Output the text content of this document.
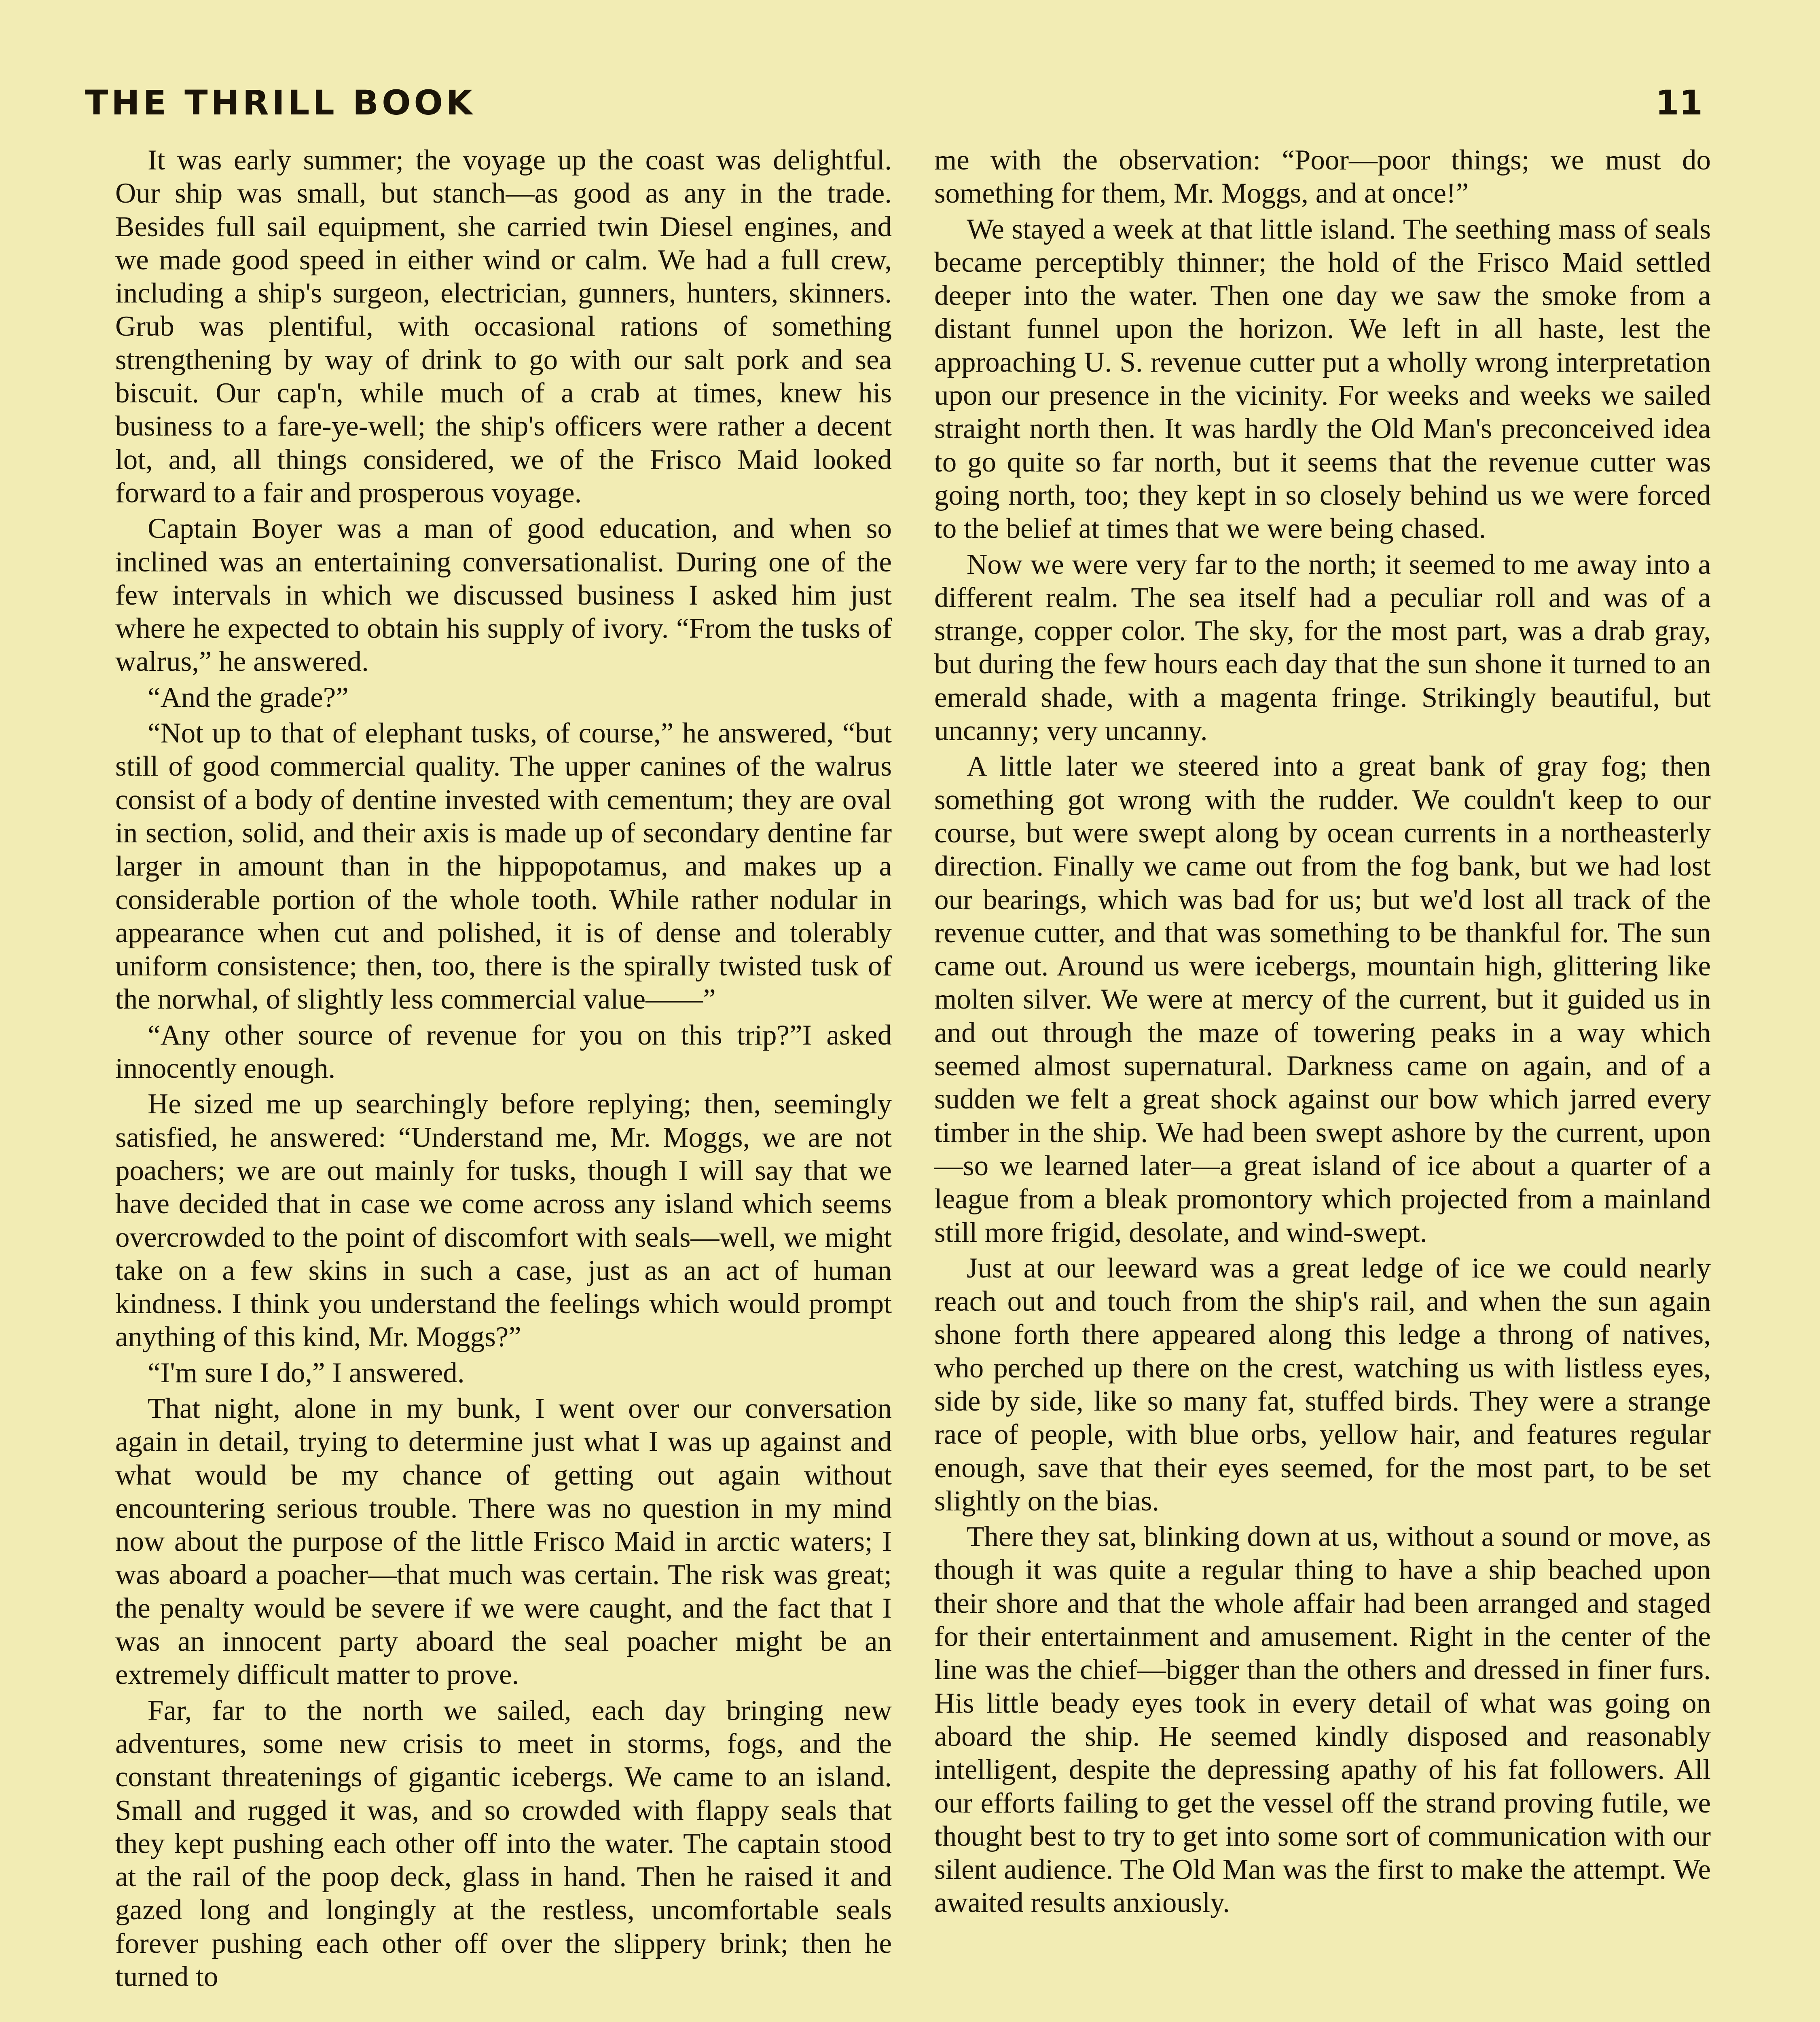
THE THRILL BOOK	11

It was early summer; the voyage up the coast was delightful. Our ship was small, but stanch—as good as any in the trade. Besides full sail equipment, she carried twin Diesel engines, and we made good speed in either wind or calm. We had a full crew, including a ship's surgeon, electrician, gunners, hunters, skinners. Grub was plentiful, with occasional rations of something strengthening by way of drink to go with our salt pork and sea biscuit. Our cap'n, while much of a crab at times, knew his business to a fare-ye-well; the ship's officers were rather a decent lot, and, all things considered, we of the Frisco Maid looked forward to a fair and prosperous voyage.

Captain Boyer was a man of good education, and when so inclined was an entertaining conversationalist. During one of the few intervals in which we discussed business I asked him just where he expected to obtain his supply of ivory. “From the tusks of walrus,” he answered.

“And the grade?”

“Not up to that of elephant tusks, of course,” he answered, “but still of good commercial quality. The upper canines of the walrus consist of a body of dentine invested with cementum; they are oval in section, solid, and their axis is made up of secondary dentine far larger in amount than in the hippopotamus, and makes up a considerable portion of the whole tooth. While rather nodular in appearance when cut and polished, it is of dense and tolerably uniform consistence; then, too, there is the spirally twisted tusk of the norwhal, of slightly less commercial value——”

“Any other source of revenue for you on this trip?”I asked innocently enough.

He sized me up searchingly before replying; then, seemingly satisfied, he answered: “Understand me, Mr. Moggs, we are not poachers; we are out mainly for tusks, though I will say that we have decided that in case we come across any island which seems overcrowded to the point of discomfort with seals—well, we might take on a few skins in such a case, just as an act of human kindness. I think you understand the feelings which would prompt anything of this kind, Mr. Moggs?”

“I'm sure I do,” I answered.

That night, alone in my bunk, I went over our conversation again in detail, trying to determine just what I was up against and what would be my chance of getting out again without encountering serious trouble. There was no question in my mind now about the purpose of the little Frisco Maid in arctic waters; I was aboard a poacher—that much was certain. The risk was great; the penalty would be severe if we were caught, and the fact that I was an innocent party aboard the seal poacher might be an extremely difficult matter to prove.

Far, far to the north we sailed, each day bringing new adventures, some new crisis to meet in storms, fogs, and the constant threatenings of gigantic icebergs. We came to an island. Small and rugged it was, and so crowded with flappy seals that they kept pushing each other off into the water. The captain stood at the rail of the poop deck, glass in hand. Then he raised it and gazed long and longingly at the restless, uncomfortable seals forever pushing each other off over the slippery brink; then he turned to

me with the observation: “Poor—poor things; we must do something for them, Mr. Moggs, and at once!”

We stayed a week at that little island. The seething mass of seals became perceptibly thinner; the hold of the Frisco Maid settled deeper into the water. Then one day we saw the smoke from a distant funnel upon the horizon. We left in all haste, lest the approaching U. S. revenue cutter put a wholly wrong interpretation upon our presence in the vicinity. For weeks and weeks we sailed straight north then. It was hardly the Old Man's preconceived idea to go quite so far north, but it seems that the revenue cutter was going north, too; they kept in so closely behind us we were forced to the belief at times that we were being chased.

Now we were very far to the north; it seemed to me away into a different realm. The sea itself had a peculiar roll and was of a strange, copper color. The sky, for the most part, was a drab gray, but during the few hours each day that the sun shone it turned to an emerald shade, with a magenta fringe. Strikingly beautiful, but uncanny; very uncanny.

A little later we steered into a great bank of gray fog; then something got wrong with the rudder. We couldn't keep to our course, but were swept along by ocean currents in a northeasterly direction. Finally we came out from the fog bank, but we had lost our bearings, which was bad for us; but we'd lost all track of the revenue cutter, and that was something to be thankful for. The sun came out. Around us were icebergs, mountain high, glittering like molten silver. We were at mercy of the current, but it guided us in and out through the maze of towering peaks in a way which seemed almost supernatural. Darkness came on again, and of a sudden we felt a great shock against our bow which jarred every timber in the ship. We had been swept ashore by the current, upon—so we learned later—a great island of ice about a quarter of a league from a bleak promontory which projected from a mainland still more frigid, desolate, and wind-swept.

Just at our leeward was a great ledge of ice we could nearly reach out and touch from the ship's rail, and when the sun again shone forth there appeared along this ledge a throng of natives, who perched up there on the crest, watching us with listless eyes, side by side, like so many fat, stuffed birds. They were a strange race of people, with blue orbs, yellow hair, and features regular enough, save that their eyes seemed, for the most part, to be set slightly on the bias.

There they sat, blinking down at us, without a sound or move, as though it was quite a regular thing to have a ship beached upon their shore and that the whole affair had been arranged and staged for their entertainment and amusement. Right in the center of the line was the chief—bigger than the others and dressed in finer furs. His little beady eyes took in every detail of what was going on aboard the ship. He seemed kindly disposed and reasonably intelligent, despite the depressing apathy of his fat followers. All our efforts failing to get the vessel off the strand proving futile, we thought best to try to get into some sort of communication with our silent audience. The Old Man was the first to make the attempt. We awaited results anxiously.
